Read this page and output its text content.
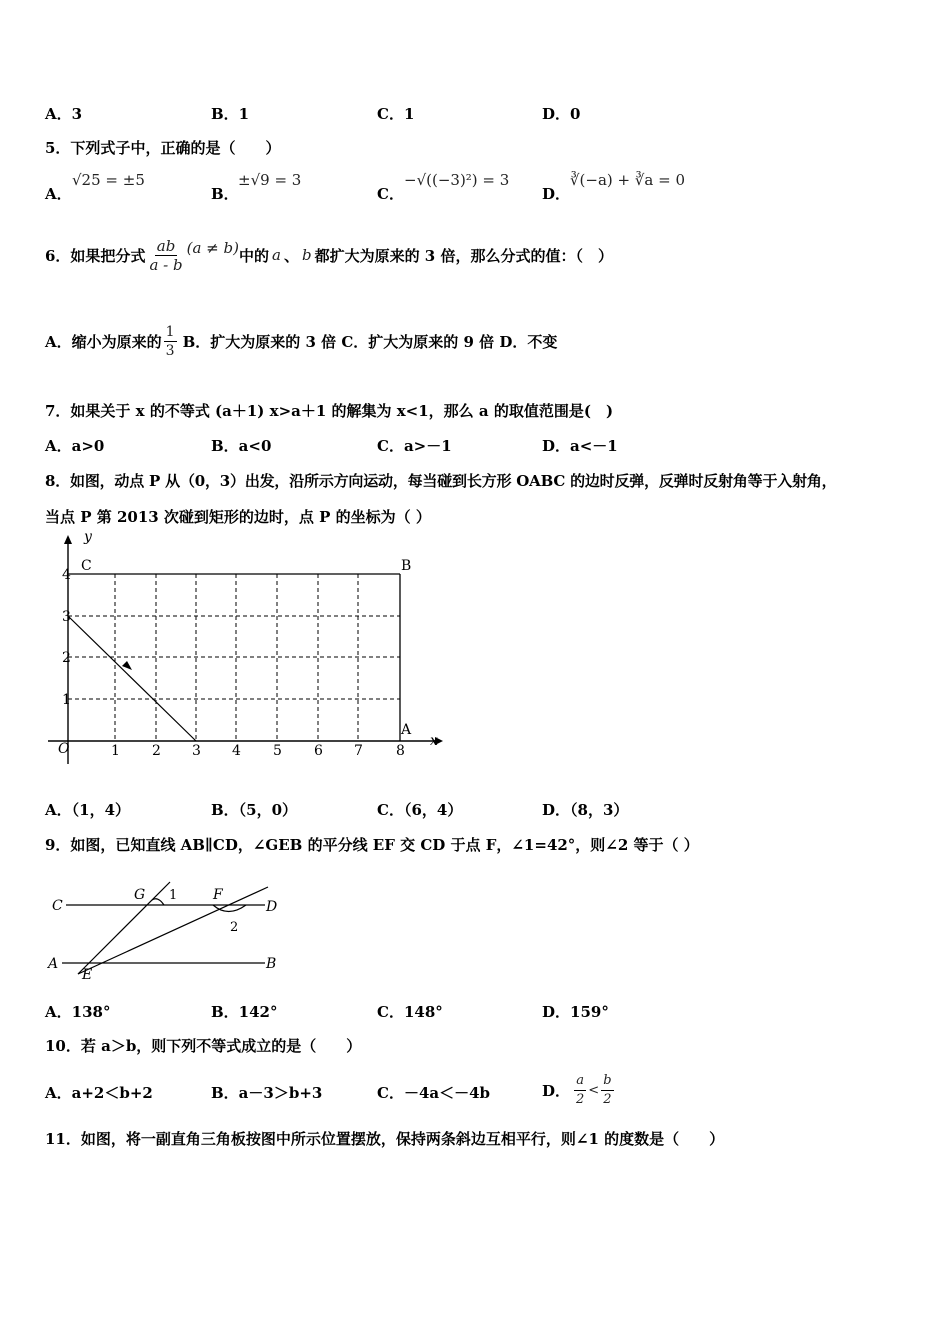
A．3	B．1	C．1	D．0
5．下列式子中，正确的是（　　）
A．
√25 = ±5
B．
±√9 = 3
C．
−√((−3)²) = 3
D．
∛(−a) + ∛a = 0
6．如果把分式 $\frac{ab}{a - b} (a \ne b)$ 中的 a 、 b 都扩大为原来的 3 倍，那么分式的值：（　）
A．缩小为原来的 $\frac{1}{3}$ B．扩大为原来的 3 倍 C．扩大为原来的 9 倍 D．不变
7．如果关于 x 的不等式 (a＋1) x>a＋1 的解集为 x<1，那么 a 的取值范围是(　)
A．a>0	B．a<0	C．a>－1	D．a<－1
8．如图，动点 P 从（0，3）出发，沿所示方向运动，每当碰到长方形 OABC 的边时反弹，反弹时反射角等于入射角，
当点 P 第 2013 次碰到矩形的边时，点 P 的坐标为（ ）
y
x
O
C	B
A
1
2
3
4
1 2 3 4 5 6 7 8
A．（1，4）	B．（5，0）	C．（6，4）	D．（8，3）
9．如图，已知直线 AB∥CD，∠GEB 的平分线 EF 交 CD 于点 F，∠1=42°，则∠2 等于（ ）
C	D
A	B
G	F
E
1
2
A．138°	B．142°	C．148°	D．159°
10．若 a＞b，则下列不等式成立的是（　　）
A．a+2＜b+2	B．a－3＞b+3	C．－4a＜－4b	D． $\frac{a}{2} < \frac{b}{2}$
11．如图，将一副直角三角板按图中所示位置摆放，保持两条斜边互相平行，则∠1 的度数是（　　）
